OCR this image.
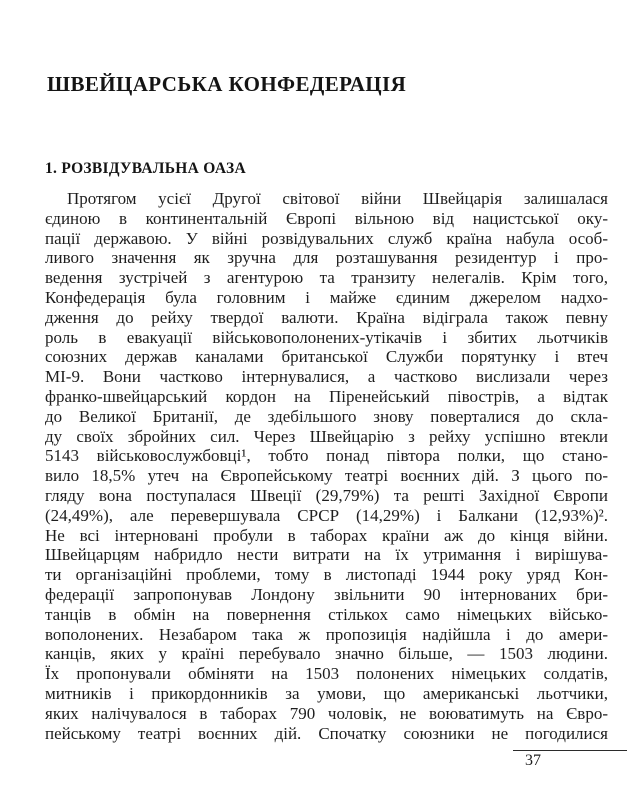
ШВЕЙЦАРСЬКА КОНФЕДЕРАЦІЯ
1. РОЗВІДУВАЛЬНА ОАЗА
Протягом усієї Другої світової війни Швейцарія залишалася
єдиною в континентальній Європі вільною від нацистської оку-
пації державою. У війні розвідувальних служб країна набула особ-
ливого значення як зручна для розташування резидентур і про-
ведення зустрічей з агентурою та транзиту нелегалів. Крім того,
Конфедерація була головним і майже єдиним джерелом надхо-
дження до рейху твердої валюти. Країна відіграла також певну
роль в евакуації військовополонених-утікачів і збитих льотчиків
союзних держав каналами британської Служби порятунку і втеч
МІ-9. Вони частково інтернувалися, а частково вислизали через
франко-швейцарський кордон на Піренейський півострів, а відтак
до Великої Британії, де здебільшого знову поверталися до скла-
ду своїх збройних сил. Через Швейцарію з рейху успішно втекли
5143 військовослужбовці¹, тобто понад півтора полки, що стано-
вило 18,5% утеч на Європейському театрі воєнних дій. З цього по-
гляду вона поступалася Швеції (29,79%) та решті Західної Європи
(24,49%), але перевершувала СРСР (14,29%) і Балкани (12,93%)².
Не всі інтерновані пробули в таборах країни аж до кінця війни.
Швейцарцям набридло нести витрати на їх утримання і вирішува-
ти організаційні проблеми, тому в листопаді 1944 року уряд Кон-
федерації запропонував Лондону звільнити 90 інтернованих бри-
танців в обмін на повернення стількох само німецьких військо-
вополонених. Незабаром така ж пропозиція надійшла і до амери-
канців, яких у країні перебувало значно більше, — 1503 людини.
Їх пропонували обміняти на 1503 полонених німецьких солдатів,
митників і прикордонників за умови, що американські льотчики,
яких налічувалося в таборах 790 чоловік, не воюватимуть на Євро-
пейському театрі воєнних дій. Спочатку союзники не погодилися
37
